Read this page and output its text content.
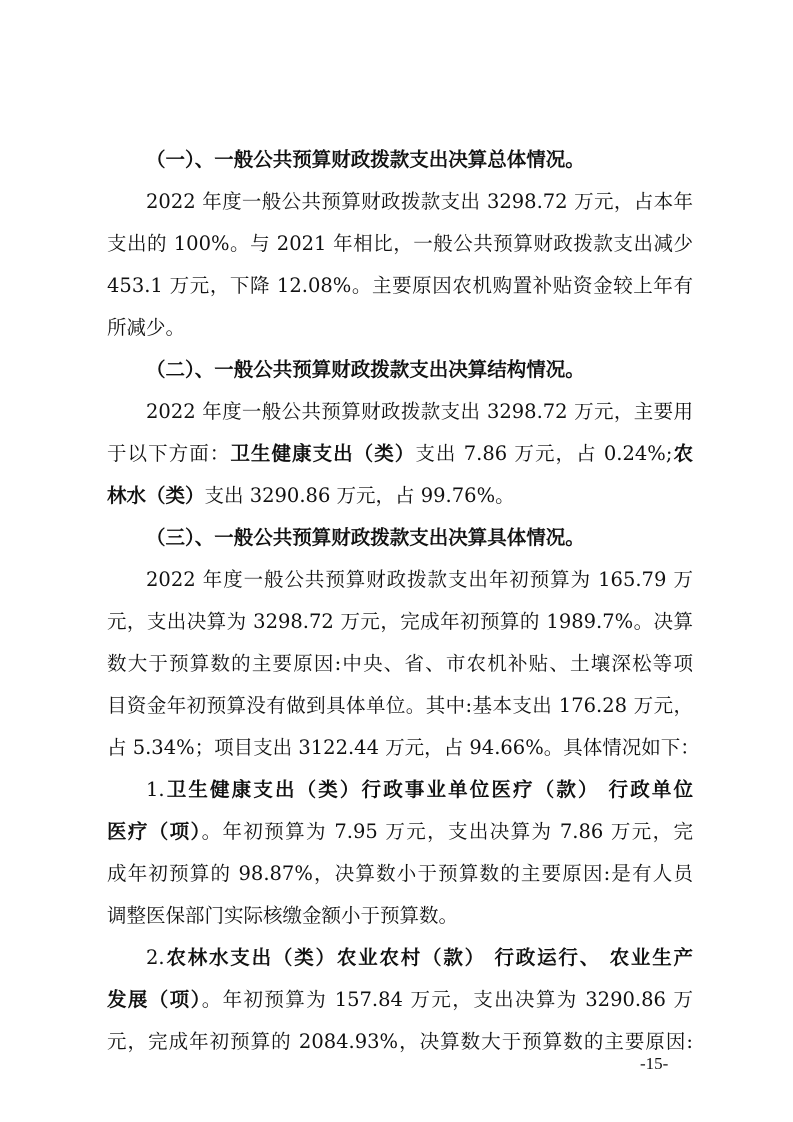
（一）、一般公共预算财政拨款支出决算总体情况。
2022 年度一般公共预算财政拨款支出 3298.72 万元，占本年
支出的 100%。与 2021 年相比，一般公共预算财政拨款支出减少
453.1 万元，下降 12.08%。主要原因农机购置补贴资金较上年有
所减少。
（二）、一般公共预算财政拨款支出决算结构情况。
2022 年度一般公共预算财政拨款支出 3298.72 万元，主要用
于以下方面：卫生健康支出（类）支出 7.86 万元，占 0.24%;农
林水（类）支出 3290.86 万元，占 99.76%。
（三）、一般公共预算财政拨款支出决算具体情况。
2022 年度一般公共预算财政拨款支出年初预算为 165.79 万
元，支出决算为 3298.72 万元，完成年初预算的 1989.7%。决算
数大于预算数的主要原因:中央、省、市农机补贴、土壤深松等项
目资金年初预算没有做到具体单位。其中:基本支出 176.28 万元，
占 5.34%；项目支出 3122.44 万元，占 94.66%。具体情况如下：
1.卫生健康支出（类）行政事业单位医疗（款） 行政单位
医疗（项）。年初预算为 7.95 万元，支出决算为 7.86 万元，完
成年初预算的 98.87%，决算数小于预算数的主要原因:是有人员
调整医保部门实际核缴金额小于预算数。
2.农林水支出（类）农业农村（款） 行政运行、 农业生产
发展（项）。年初预算为 157.84 万元，支出决算为 3290.86 万
元，完成年初预算的 2084.93%，决算数大于预算数的主要原因:
-15-
